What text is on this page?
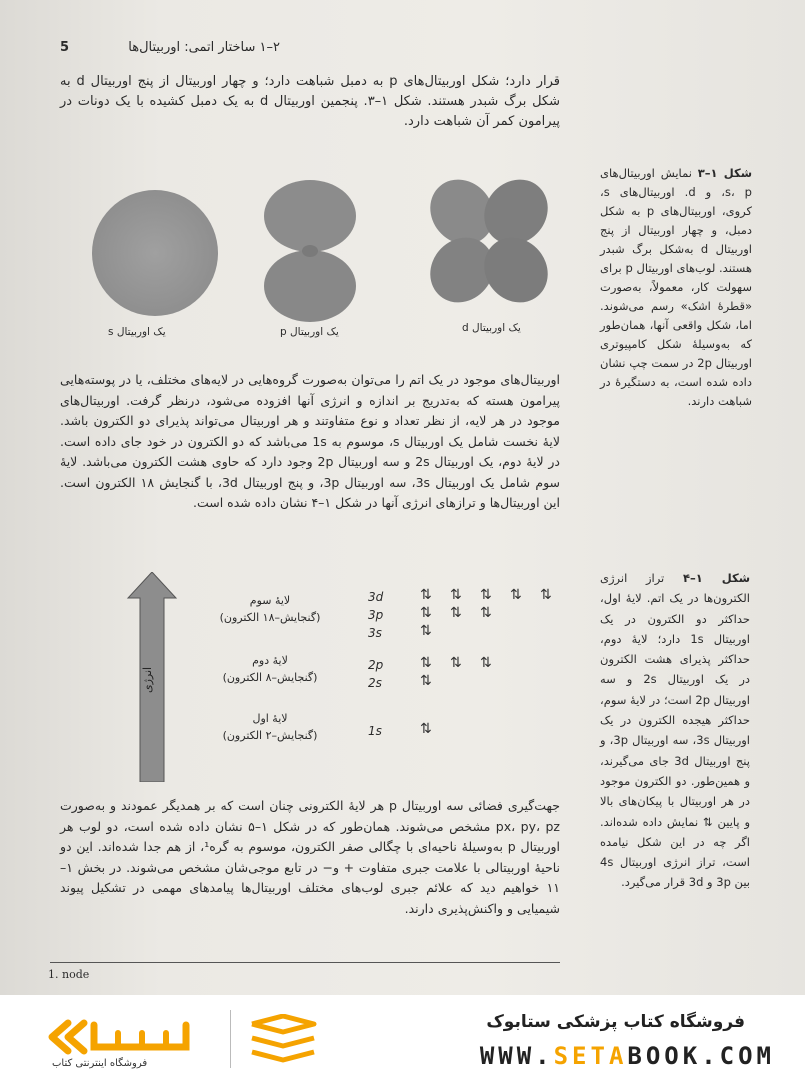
5	۲–۱ ساختار اتمی: اوربیتال‌ها
قرار دارد؛ شکل اوربیتال‌های p به دمبل شباهت دارد؛ و چهار اوربیتال از پنج اوربیتال d به شکل برگ شبدر هستند. شکل ۱–۳. پنجمین اوربیتال d به یک دمبل کشیده با یک دونات در پیرامون کمر آن شباهت دارد.
یک اوربیتال s	یک اوربیتال p	یک اوربیتال d
شکل ۱–۳ نمایش اوربیتال‌های s، p، و d. اوربیتال‌های s، کروی، اوربیتال‌های p به شکل دمبل، و چهار اوربیتال از پنج اوربیتال d به‌شکل برگ شبدر هستند. لوب‌های اوربیتال p برای سهولت کار، معمولاً، به‌صورت «قطرهٔ اشک» رسم می‌شوند. اما، شکل واقعی آنها، همان‌طور که به‌وسیلهٔ شکل کامپیوتری اوربیتال 2p در سمت چپ نشان داده شده است، به دستگیرهٔ در شباهت دارند.
اوربیتال‌های موجود در یک اتم را می‌توان به‌صورت گروه‌هایی در لایه‌های مختلف، یا در پوسته‌هایی پیرامون هسته که به‌تدریج بر اندازه و انرژی آنها افزوده می‌شود، درنظر گرفت. اوربیتال‌های موجود در هر لایه، از نظر تعداد و نوع متفاوتند و هر اوربیتال می‌تواند پذیرای دو الکترون باشد. لایهٔ نخست شامل یک اوربیتال s، موسوم به 1s می‌باشد که دو الکترون در خود جای داده است. در لایهٔ دوم، یک اوربیتال 2s و سه اوربیتال 2p وجود دارد که حاوی هشت الکترون می‌باشد. لایهٔ سوم شامل یک اوربیتال 3s، سه اوربیتال 3p، و پنج اوربیتال 3d، با گنجایش ۱۸ الکترون است. این اوربیتال‌ها و ترازهای انرژی آنها در شکل ۱–۴ نشان داده شده است.
انرژی
لایهٔ سوم
(گنجایش–۱۸ الکترون)
لایهٔ دوم
(گنجایش–۸ الکترون)
لایهٔ اول
(گنجایش–۲ الکترون)
3d	⇅ ⇅ ⇅ ⇅ ⇅
3p	⇅ ⇅ ⇅
3s	⇅
2p	⇅ ⇅ ⇅
2s	⇅
1s	⇅
شکل ۱–۴ تراز انرژی الکترون‌ها در یک اتم. لایهٔ اول، حداکثر دو الکترون در یک اوربیتال 1s دارد؛ لایهٔ دوم، حداکثر پذیرای هشت الکترون در یک اوربیتال 2s و سه اوربیتال 2p است؛ در لایهٔ سوم، حداکثر هیجده الکترون در یک اوربیتال 3s، سه اوربیتال 3p، و پنج اوربیتال 3d جای می‌گیرند، و همین‌طور. دو الکترون موجود در هر اوربیتال با پیکان‌های بالا و پایین ⇅ نمایش داده شده‌اند. اگر چه در این شکل نیامده است، تراز انرژی اوربیتال 4s بین 3p و 3d قرار می‌گیرد.
جهت‌گیری فضائی سه اوربیتال p هر لایهٔ الکترونی چنان است که بر همدیگر عمودند و به‌صورت px، py، pz مشخص می‌شوند. همان‌طور که در شکل ۱–۵ نشان داده شده است، دو لوب هر اوربیتال p به‌وسیلهٔ ناحیه‌ای با چگالی صفر الکترون، موسوم به گره¹، از هم جدا شده‌اند. این دو ناحیهٔ اوربیتالی با علامت جبری متفاوت + و− در تابع موجی‌شان مشخص می‌شوند. در بخش ۱–۱۱ خواهیم دید که علائم جبری لوب‌های مختلف اوربیتال‌ها پیامدهای مهمی در تشکیل پیوند شیمیایی و واکنش‌پذیری دارند.
1. node
فروشگاه اینترنتی کتاب
فروشگاه کتاب پزشکی ستابوک
WWW.SETABOOK.COM
